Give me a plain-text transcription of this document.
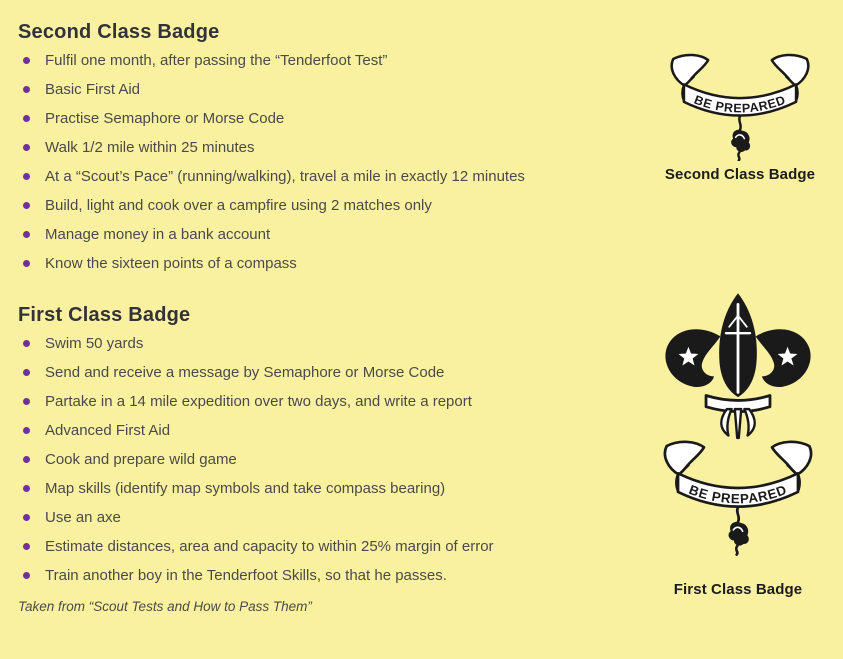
Second Class Badge
Fulfil one month, after passing the “Tenderfoot Test”
Basic First Aid
Practise Semaphore or Morse Code
Walk 1/2 mile within 25 minutes
At a “Scout’s Pace” (running/walking), travel a mile in exactly 12 minutes
Build, light and cook over a campfire using 2 matches only
Manage money in a bank account
Know the sixteen points of a compass
First Class Badge
Swim 50 yards
Send and receive a message by Semaphore or Morse Code
Partake in a 14 mile expedition over two days, and write a report
Advanced First Aid
Cook and prepare wild game
Map skills (identify map symbols and take compass bearing)
Use an axe
Estimate distances, area and capacity to within 25% margin of error
Train another boy in the Tenderfoot Skills, so that he passes.

Taken from “Scout Tests and How to Pass Them”

Second Class Badge
First Class Badge
